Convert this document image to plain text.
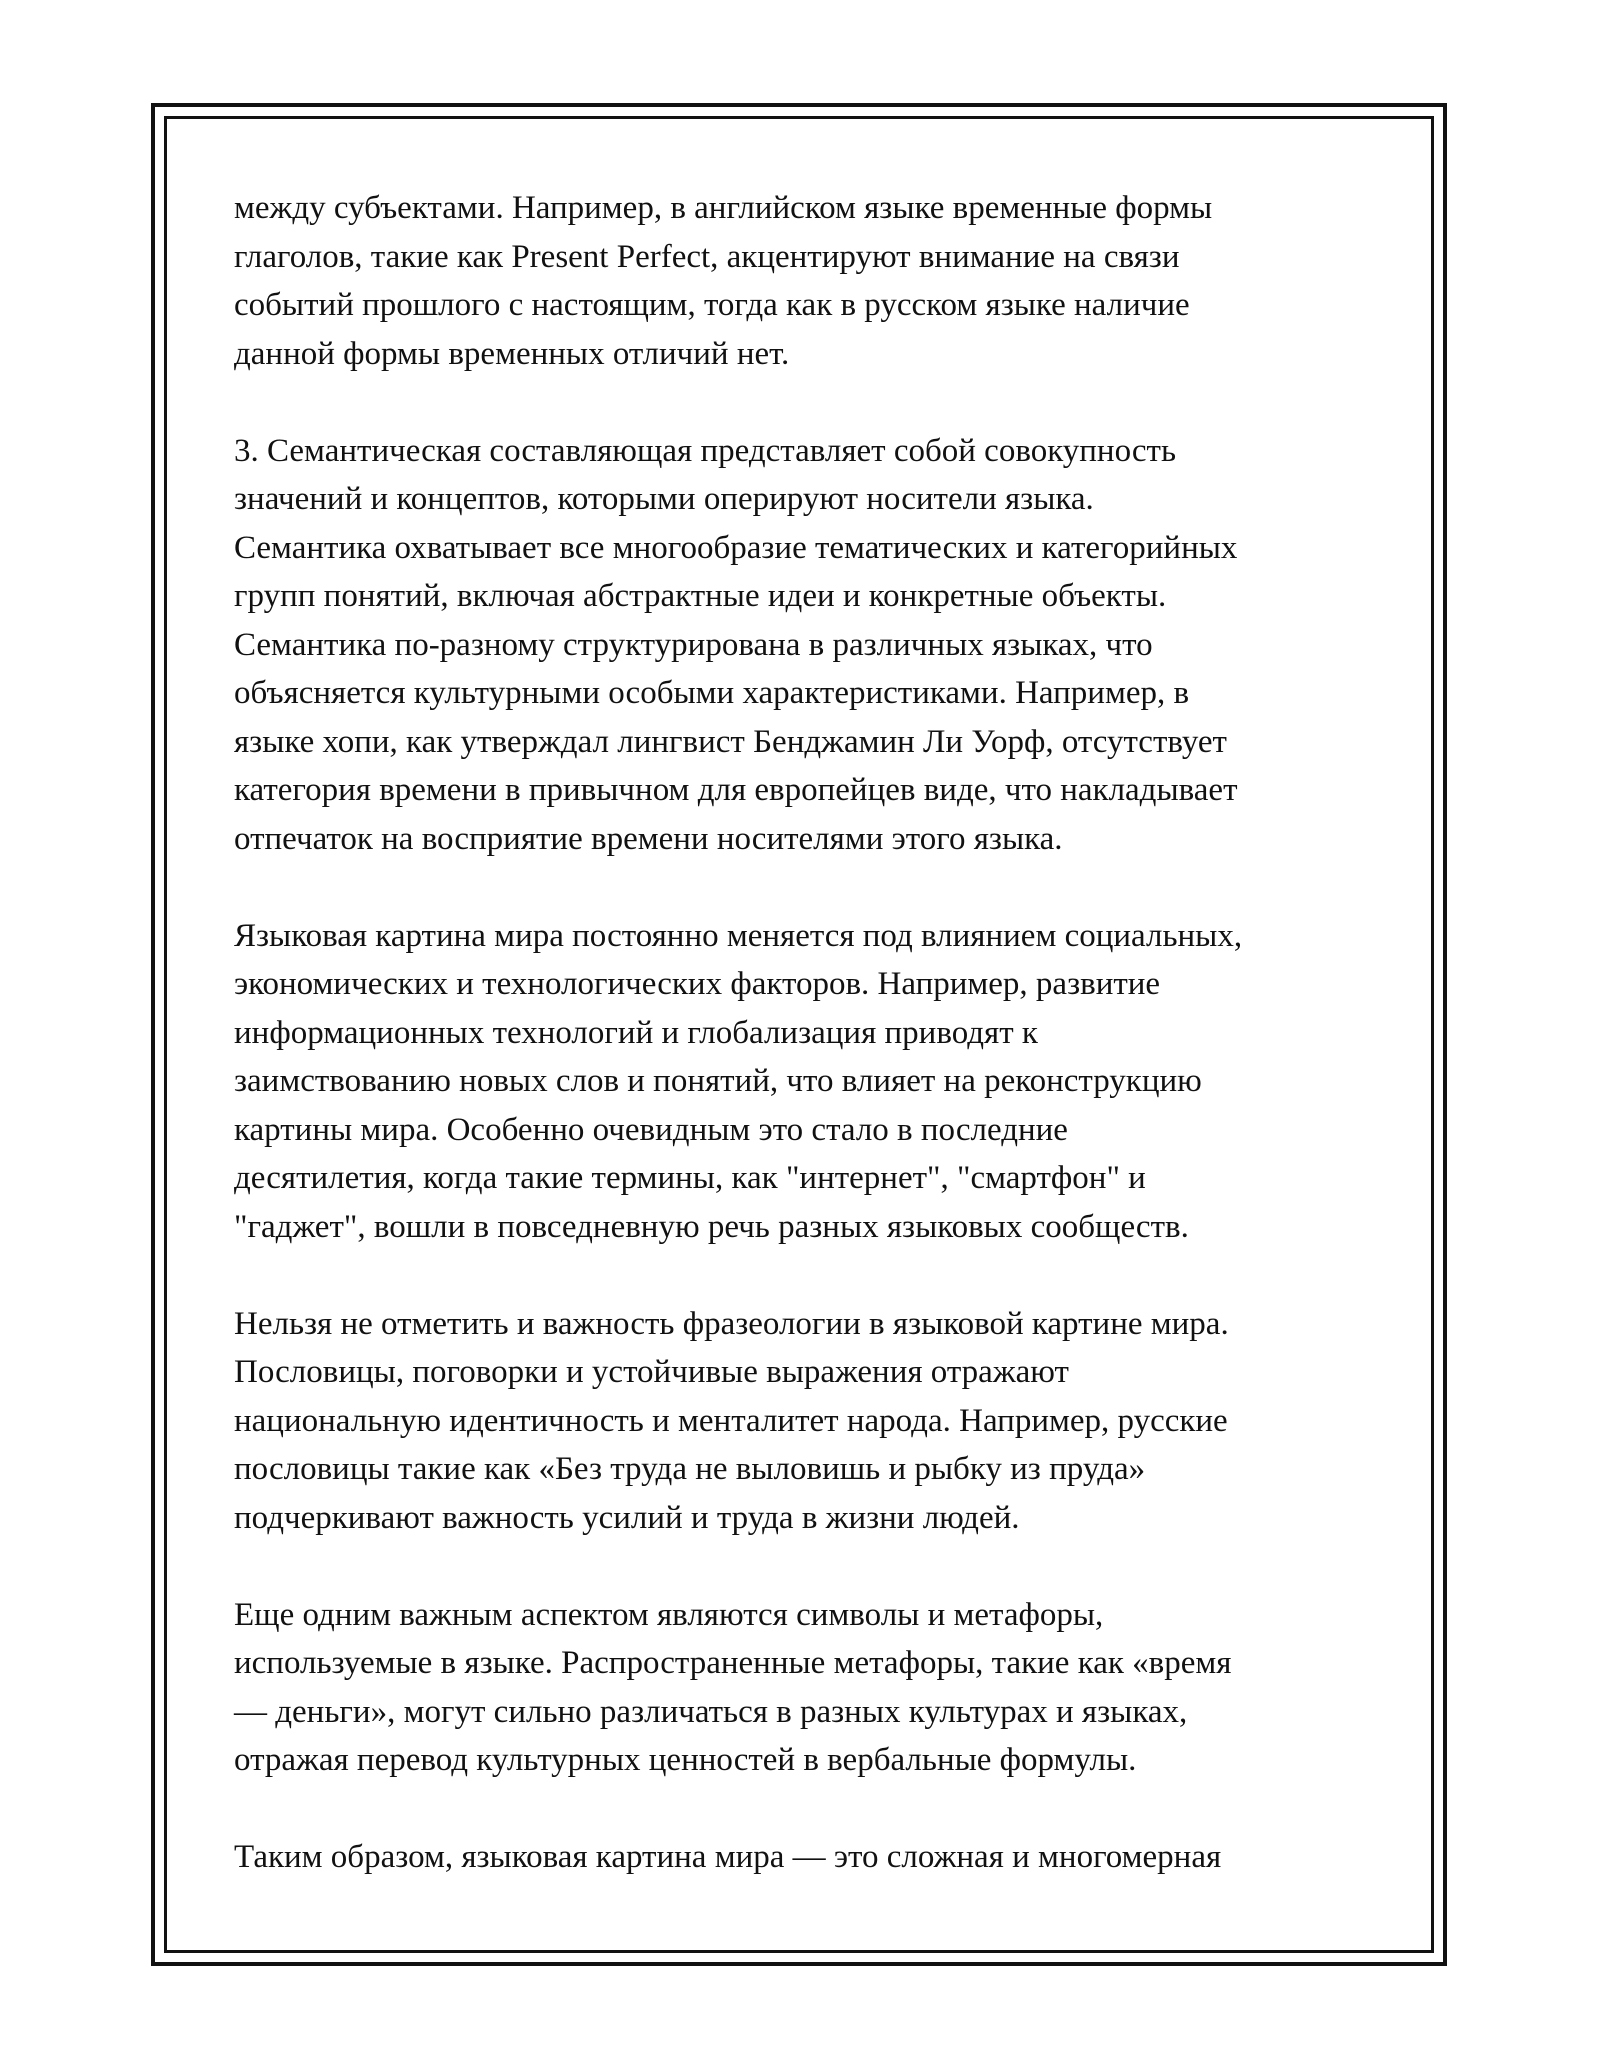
между субъектами. Например, в английском языке временные формы
глаголов, такие как Present Perfect, акцентируют внимание на связи
событий прошлого с настоящим, тогда как в русском языке наличие
данной формы временных отличий нет.

3. Семантическая составляющая представляет собой совокупность
значений и концептов, которыми оперируют носители языка.
Семантика охватывает все многообразие тематических и категорийных
групп понятий, включая абстрактные идеи и конкретные объекты.
Семантика по-разному структурирована в различных языках, что
объясняется культурными особыми характеристиками. Например, в
языке хопи, как утверждал лингвист Бенджамин Ли Уорф, отсутствует
категория времени в привычном для европейцев виде, что накладывает
отпечаток на восприятие времени носителями этого языка.

Языковая картина мира постоянно меняется под влиянием социальных,
экономических и технологических факторов. Например, развитие
информационных технологий и глобализация приводят к
заимствованию новых слов и понятий, что влияет на реконструкцию
картины мира. Особенно очевидным это стало в последние
десятилетия, когда такие термины, как "интернет", "смартфон" и
"гаджет", вошли в повседневную речь разных языковых сообществ.

Нельзя не отметить и важность фразеологии в языковой картине мира.
Пословицы, поговорки и устойчивые выражения отражают
национальную идентичность и менталитет народа. Например, русские
пословицы такие как «Без труда не выловишь и рыбку из пруда»
подчеркивают важность усилий и труда в жизни людей.

Еще одним важным аспектом являются символы и метафоры,
используемые в языке. Распространенные метафоры, такие как «время
— деньги», могут сильно различаться в разных культурах и языках,
отражая перевод культурных ценностей в вербальные формулы.

Таким образом, языковая картина мира — это сложная и многомерная
